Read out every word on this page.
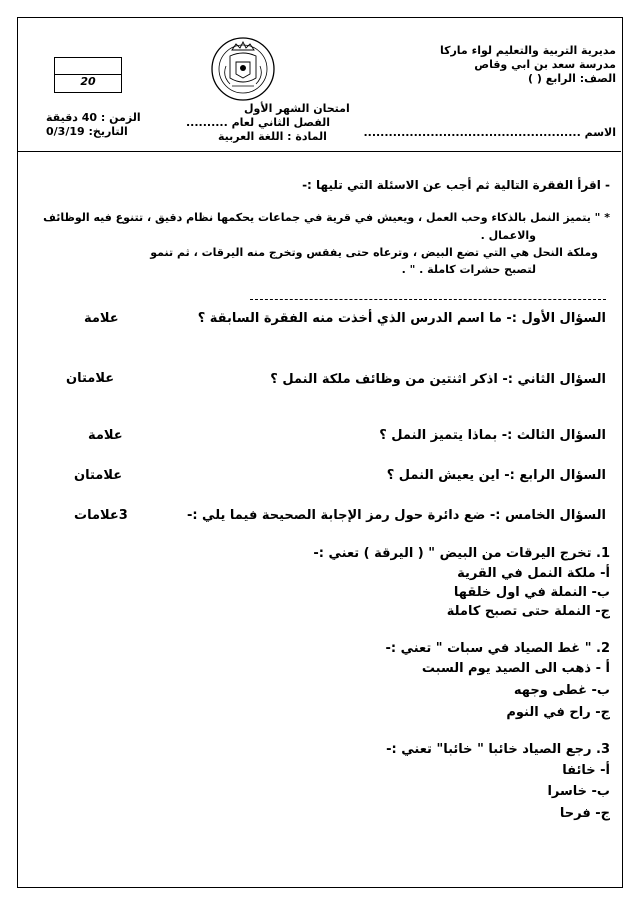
مديرية التربية والتعليم لواء ماركا
مدرسة سعد بن ابي وقاص
الصف: الرابع ( )
الاسم ....................................................
امتحان الشهر الأول
الفصل الثاني لعام ..........
المادة : اللغة العربية
20
الزمن : 40 دقيقة
التاريخ: 0/3/19
- اقرأ الفقرة التالية ثم أجب عن الاسئلة التي تليها :-
* " يتميز النمل بالذكاء وحب العمل ، ويعيش في قرية في جماعات يحكمها نظام دقيق ، تتنوع فيه الوظائف
والاعمال .
وملكة النحل هي التي تضع البيض ، وترعاه حتى يفقس وتخرج منه اليرقات ، ثم تنمو
لتصبح حشرات كاملة . " .
السؤال الأول :- ما اسم الدرس الذي أخذت منه الفقرة السابقة ؟
علامة
السؤال الثاني :- اذكر اثنتين من وظائف ملكة النمل ؟
علامتان
السؤال الثالث :- بماذا يتميز النمل ؟
علامة
السؤال الرابع :- اين يعيش النمل ؟
علامتان
السؤال الخامس :- ضع دائرة حول رمز الإجابة الصحيحة فيما يلي :-
3علامات
1. تخرج اليرقات من البيض " ( اليرقة ) تعني :-
أ- ملكة النمل في القرية
ب- النملة في اول خلقها
ج- النملة حتى تصبح كاملة
2. " غط الصياد في سبات " تعني :-
أ - ذهب الى الصيد يوم السبت
ب- غطى وجهه
ج- راح في النوم
3. رجع الصياد خائبا " خائبا" تعني :-
أ- خائفا
ب- خاسرا
ج- فرحا
